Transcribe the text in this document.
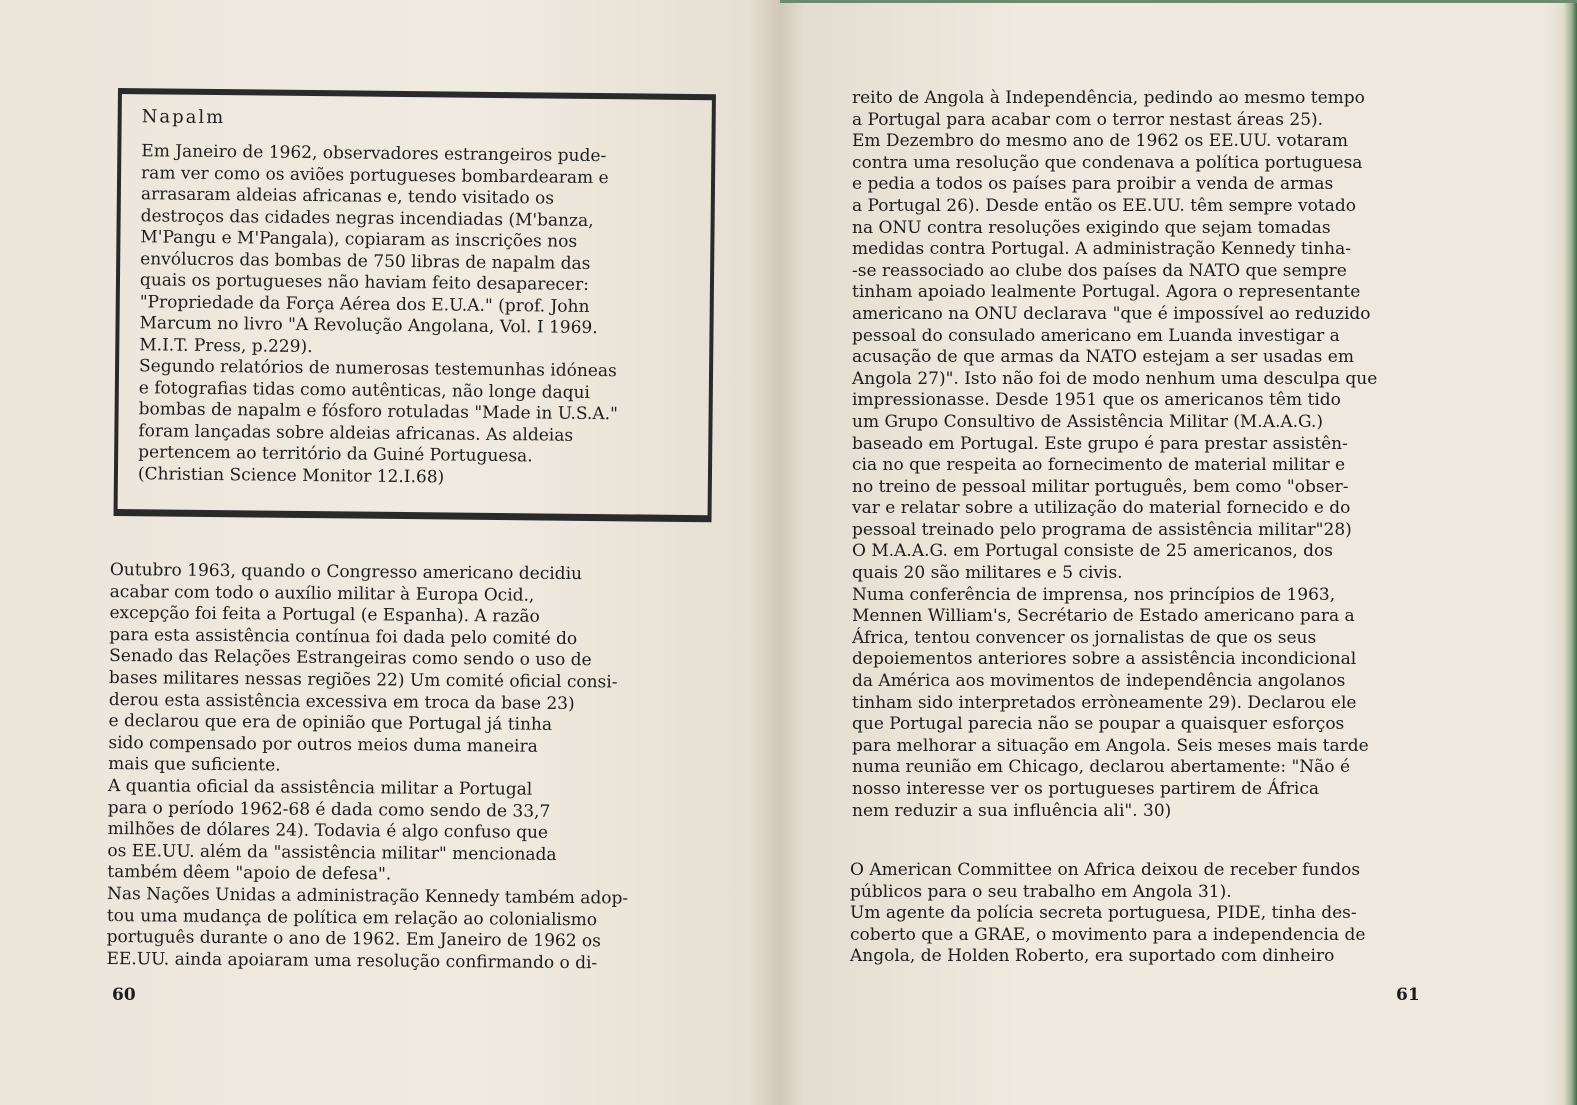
Napalm
Em Janeiro de 1962, observadores estrangeiros pude-
ram ver como os aviões portugueses bombardearam e
arrasaram aldeias africanas e, tendo visitado os
destroços das cidades negras incendiadas (M'banza,
M'Pangu e M'Pangala), copiaram as inscrições nos
envólucros das bombas de 750 libras de napalm das
quais os portugueses não haviam feito desaparecer:
"Propriedade da Força Aérea dos E.U.A." (prof. John
Marcum no livro "A Revolução Angolana, Vol. I 1969.
M.I.T. Press, p.229).
Segundo relatórios de numerosas testemunhas idóneas
e fotografias tidas como autênticas, não longe daqui
bombas de napalm e fósforo rotuladas "Made in U.S.A."
foram lançadas sobre aldeias africanas. As aldeias
pertencem ao território da Guiné Portuguesa.
(Christian Science Monitor 12.I.68)
Outubro 1963, quando o Congresso americano decidiu
acabar com todo o auxílio militar à Europa Ocid.,
excepção foi feita a Portugal (e Espanha). A razão
para esta assistência contínua foi dada pelo comité do
Senado das Relações Estrangeiras como sendo o uso de
bases militares nessas regiões 22) Um comité oficial consi-
derou esta assistência excessiva em troca da base 23)
e declarou que era de opinião que Portugal já tinha
sido compensado por outros meios duma maneira
mais que suficiente.
A quantia oficial da assistência militar a Portugal
para o período 1962-68 é dada como sendo de 33,7
milhões de dólares 24). Todavia é algo confuso que
os EE.UU. além da "assistência militar" mencionada
também dêem "apoio de defesa".
Nas Nações Unidas a administração Kennedy também adop-
tou uma mudança de política em relação ao colonialismo
português durante o ano de 1962. Em Janeiro de 1962 os
EE.UU. ainda apoiaram uma resolução confirmando o di-
60
reito de Angola à Independência, pedindo ao mesmo tempo
a Portugal para acabar com o terror nestast áreas 25).
Em Dezembro do mesmo ano de 1962 os EE.UU. votaram
contra uma resolução que condenava a política portuguesa
e pedia a todos os países para proibir a venda de armas
a Portugal 26). Desde então os EE.UU. têm sempre votado
na ONU contra resoluções exigindo que sejam tomadas
medidas contra Portugal. A administração Kennedy tinha-
-se reassociado ao clube dos países da NATO que sempre
tinham apoiado lealmente Portugal. Agora o representante
americano na ONU declarava "que é impossível ao reduzido
pessoal do consulado americano em Luanda investigar a
acusação de que armas da NATO estejam a ser usadas em
Angola 27)". Isto não foi de modo nenhum uma desculpa que
impressionasse. Desde 1951 que os americanos têm tido
um Grupo Consultivo de Assistência Militar (M.A.A.G.)
baseado em Portugal. Este grupo é para prestar assistên-
cia no que respeita ao fornecimento de material militar e
no treino de pessoal militar português, bem como "obser-
var e relatar sobre a utilização do material fornecido e do
pessoal treinado pelo programa de assistência militar"28)
O M.A.A.G. em Portugal consiste de 25 americanos, dos
quais 20 são militares e 5 civis.
Numa conferência de imprensa, nos princípios de 1963,
Mennen William's, Secrétario de Estado americano para a
África, tentou convencer os jornalistas de que os seus
depoiementos anteriores sobre a assistência incondicional
da América aos movimentos de independência angolanos
tinham sido interpretados erròneamente 29). Declarou ele
que Portugal parecia não se poupar a quaisquer esforços
para melhorar a situação em Angola. Seis meses mais tarde
numa reunião em Chicago, declarou abertamente: "Não é
nosso interesse ver os portugueses partirem de África
nem reduzir a sua influência ali". 30)
O American Committee on Africa deixou de receber fundos
públicos para o seu trabalho em Angola 31).
Um agente da polícia secreta portuguesa, PIDE, tinha des-
coberto que a GRAE, o movimento para a independencia de
Angola, de Holden Roberto, era suportado com dinheiro
61
